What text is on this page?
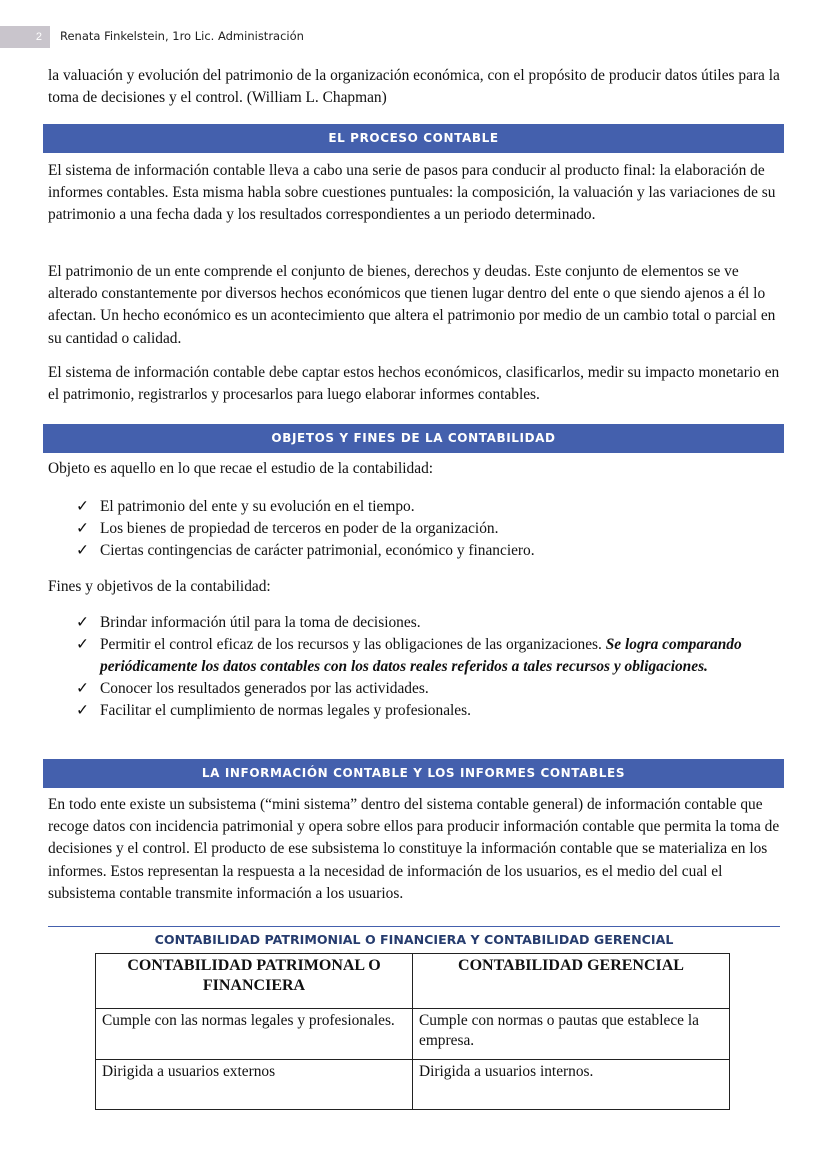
2	Renata Finkelstein, 1ro Lic. Administración
la valuación y evolución del patrimonio de la organización económica, con el propósito de producir datos útiles para la toma de decisiones y el control. (William L. Chapman)
EL PROCESO CONTABLE
El sistema de información contable lleva a cabo una serie de pasos para conducir al producto final: la elaboración de informes contables. Esta misma habla sobre cuestiones puntuales: la composición, la valuación y las variaciones de su patrimonio a una fecha dada y los resultados correspondientes a un periodo determinado.
El patrimonio de un ente comprende el conjunto de bienes, derechos y deudas. Este conjunto de elementos se ve alterado constantemente por diversos hechos económicos que tienen lugar dentro del ente o que siendo ajenos a él lo afectan. Un hecho económico es un acontecimiento que altera el patrimonio por medio de un cambio total o parcial en su cantidad o calidad.
El sistema de información contable debe captar estos hechos económicos, clasificarlos, medir su impacto monetario en el patrimonio, registrarlos y procesarlos para luego elaborar informes contables.
OBJETOS Y FINES DE LA CONTABILIDAD
Objeto es aquello en lo que recae el estudio de la contabilidad:
✓ El patrimonio del ente y su evolución en el tiempo.
✓ Los bienes de propiedad de terceros en poder de la organización.
✓ Ciertas contingencias de carácter patrimonial, económico y financiero.
Fines y objetivos de la contabilidad:
✓ Brindar información útil para la toma de decisiones.
✓ Permitir el control eficaz de los recursos y las obligaciones de las organizaciones. Se logra comparando periódicamente los datos contables con los datos reales referidos a tales recursos y obligaciones.
✓ Conocer los resultados generados por las actividades.
✓ Facilitar el cumplimiento de normas legales y profesionales.
LA INFORMACIÓN CONTABLE Y LOS INFORMES CONTABLES
En todo ente existe un subsistema (“mini sistema” dentro del sistema contable general) de información contable que recoge datos con incidencia patrimonial y opera sobre ellos para producir información contable que permita la toma de decisiones y el control. El producto de ese subsistema lo constituye la información contable que se materializa en los informes. Estos representan la respuesta a la necesidad de información de los usuarios, es el medio del cual el subsistema contable transmite información a los usuarios.
CONTABILIDAD PATRIMONIAL O FINANCIERA Y CONTABILIDAD GERENCIAL
CONTABILIDAD PATRIMONAL O FINANCIERA	CONTABILIDAD GERENCIAL
Cumple con las normas legales y profesionales.	Cumple con normas o pautas que establece la empresa.
Dirigida a usuarios externos	Dirigida a usuarios internos.
